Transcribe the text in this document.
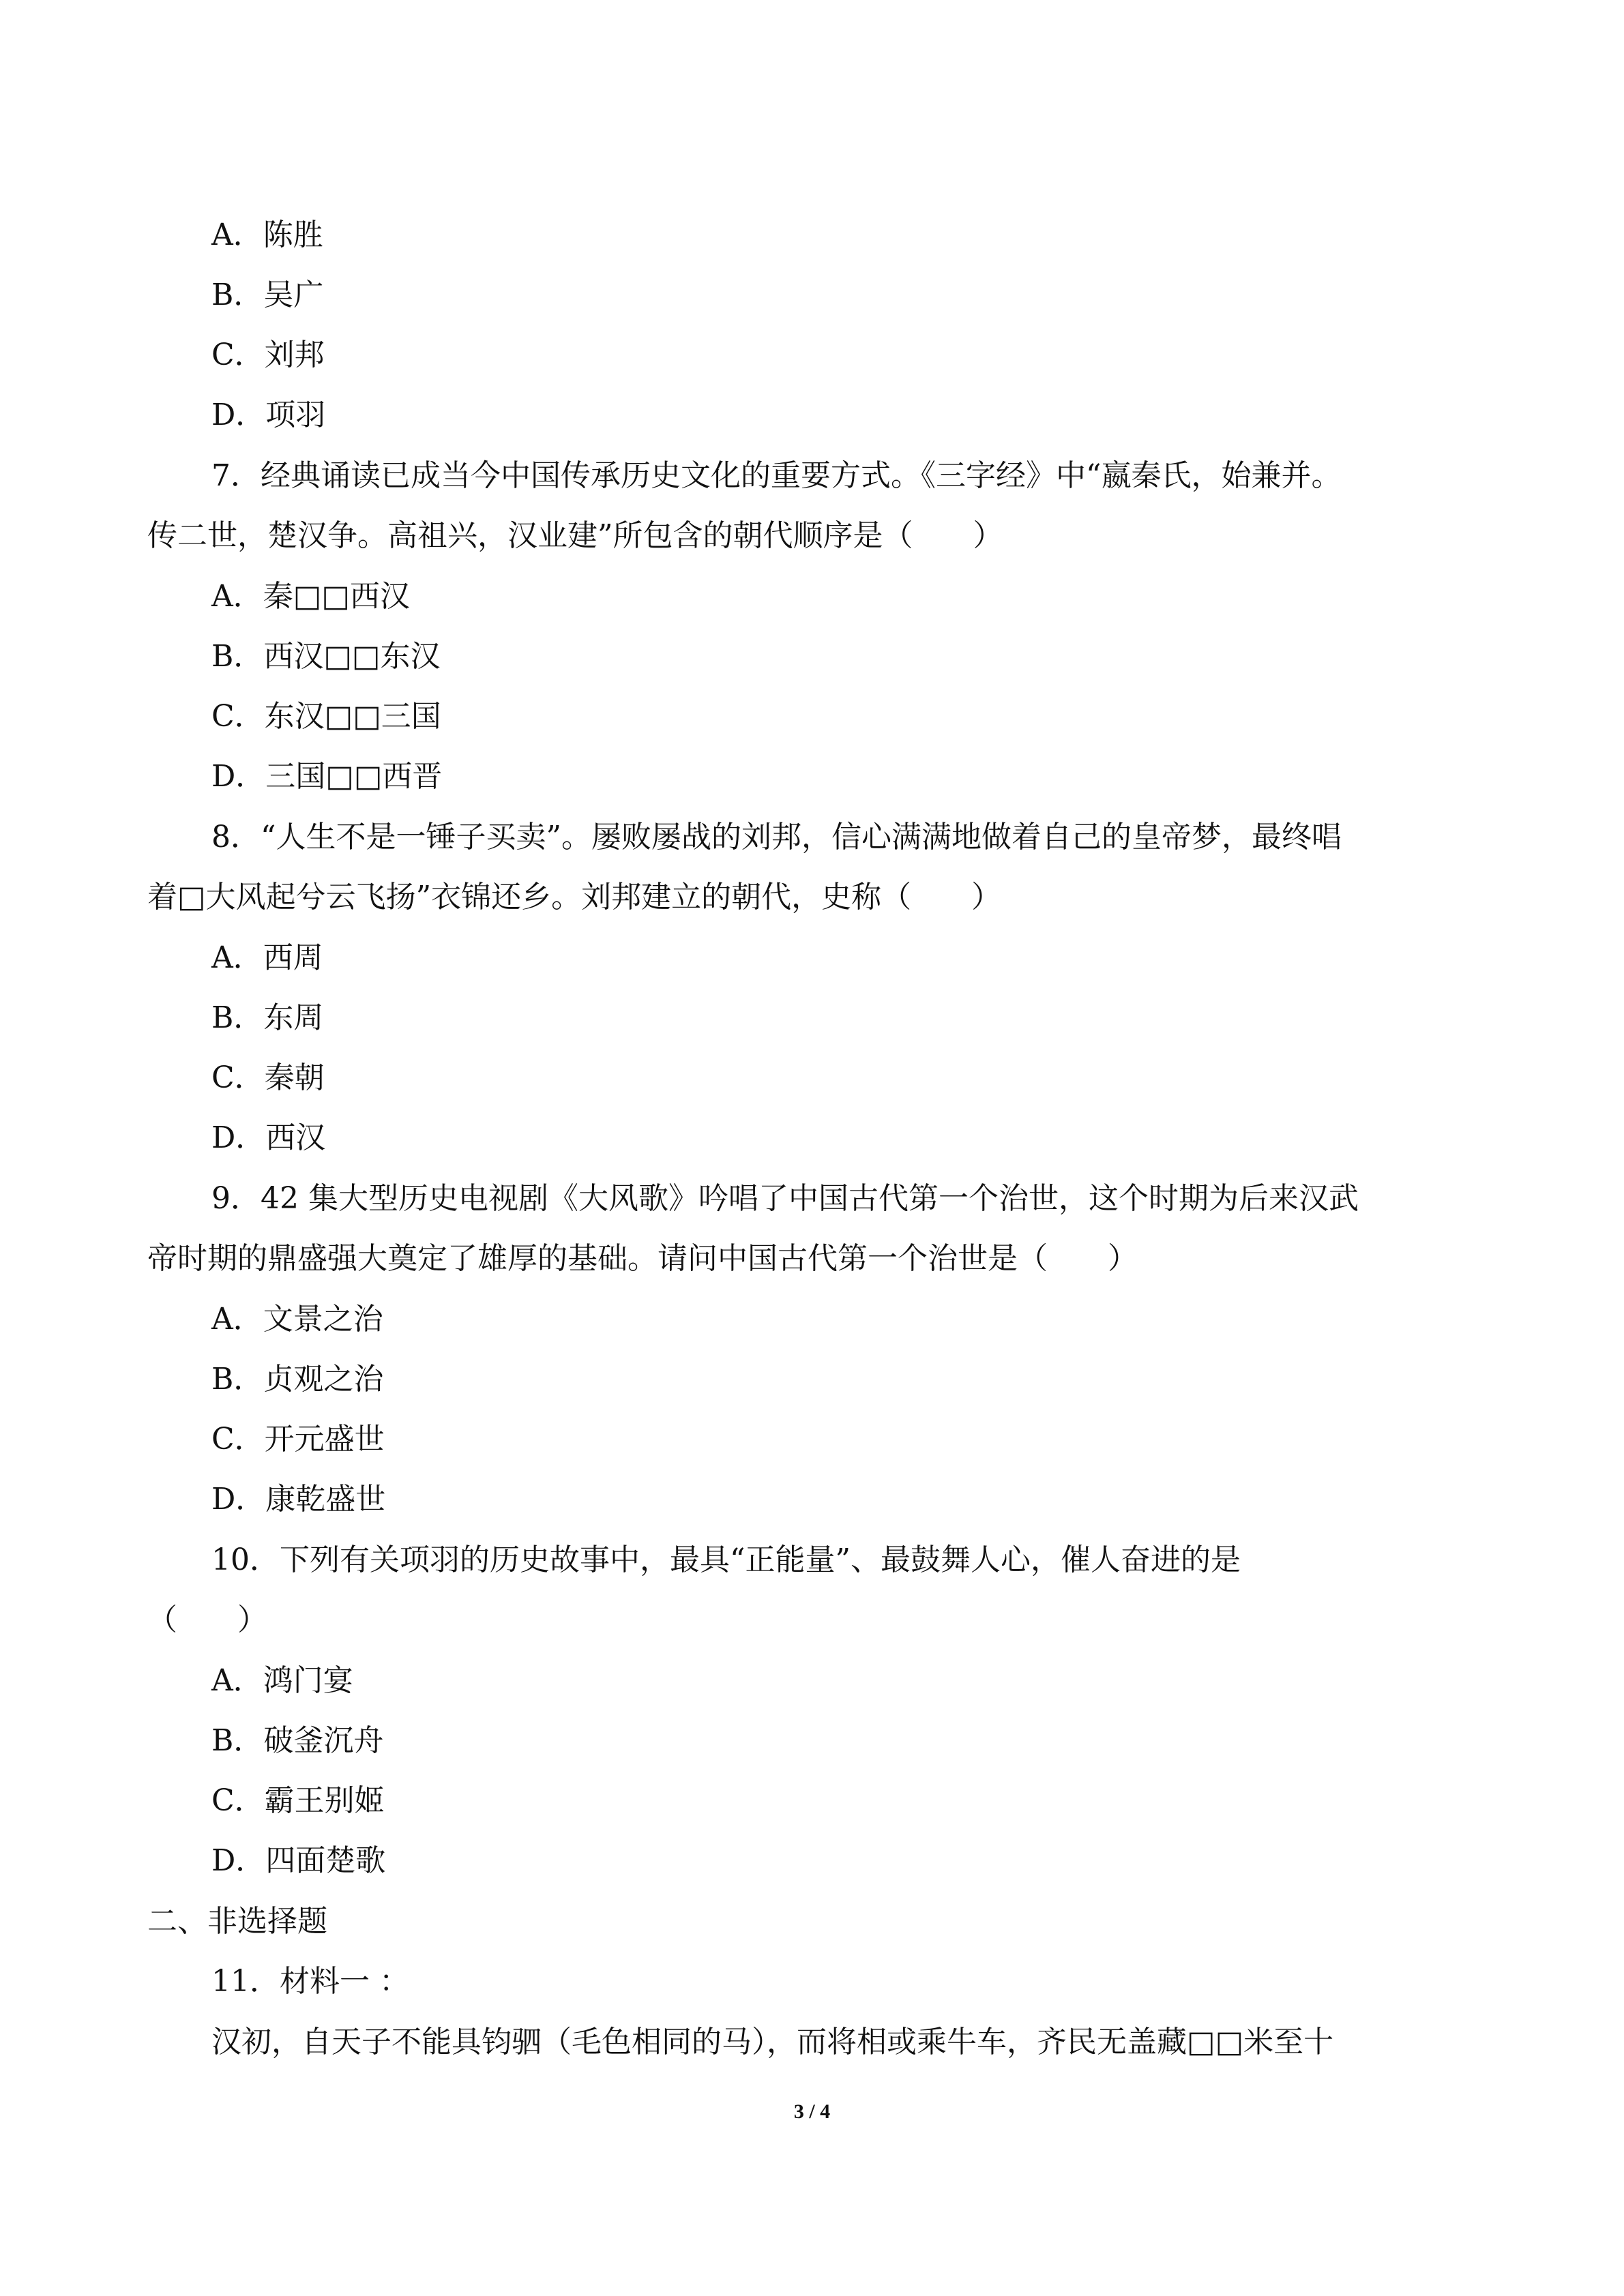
A．陈胜
B．吴广
C．刘邦
D．项羽
7．经典诵读已成当今中国传承历史文化的重要方式。《三字经》中“嬴秦氏，始兼并。
传二世，楚汉争。高祖兴，汉业建”所包含的朝代顺序是（　　）
A．秦□□西汉
B．西汉□□东汉
C．东汉□□三国
D．三国□□西晋
8．“人生不是一锤子买卖”。屡败屡战的刘邦，信心满满地做着自己的皇帝梦，最终唱
着□大风起兮云飞扬”衣锦还乡。刘邦建立的朝代，史称（　　）
A．西周
B．东周
C．秦朝
D．西汉
9．42 集大型历史电视剧《大风歌》吟唱了中国古代第一个治世，这个时期为后来汉武
帝时期的鼎盛强大奠定了雄厚的基础。请问中国古代第一个治世是（　　）
A．文景之治
B．贞观之治
C．开元盛世
D．康乾盛世
10．下列有关项羽的历史故事中，最具“正能量”、最鼓舞人心，催人奋进的是
（　　）
A．鸿门宴
B．破釜沉舟
C．霸王别姬
D．四面楚歌
二、非选择题
11．材料一 ：
汉初，自天子不能具钧驷（毛色相同的马），而将相或乘牛车，齐民无盖藏□□米至十
3 / 4
